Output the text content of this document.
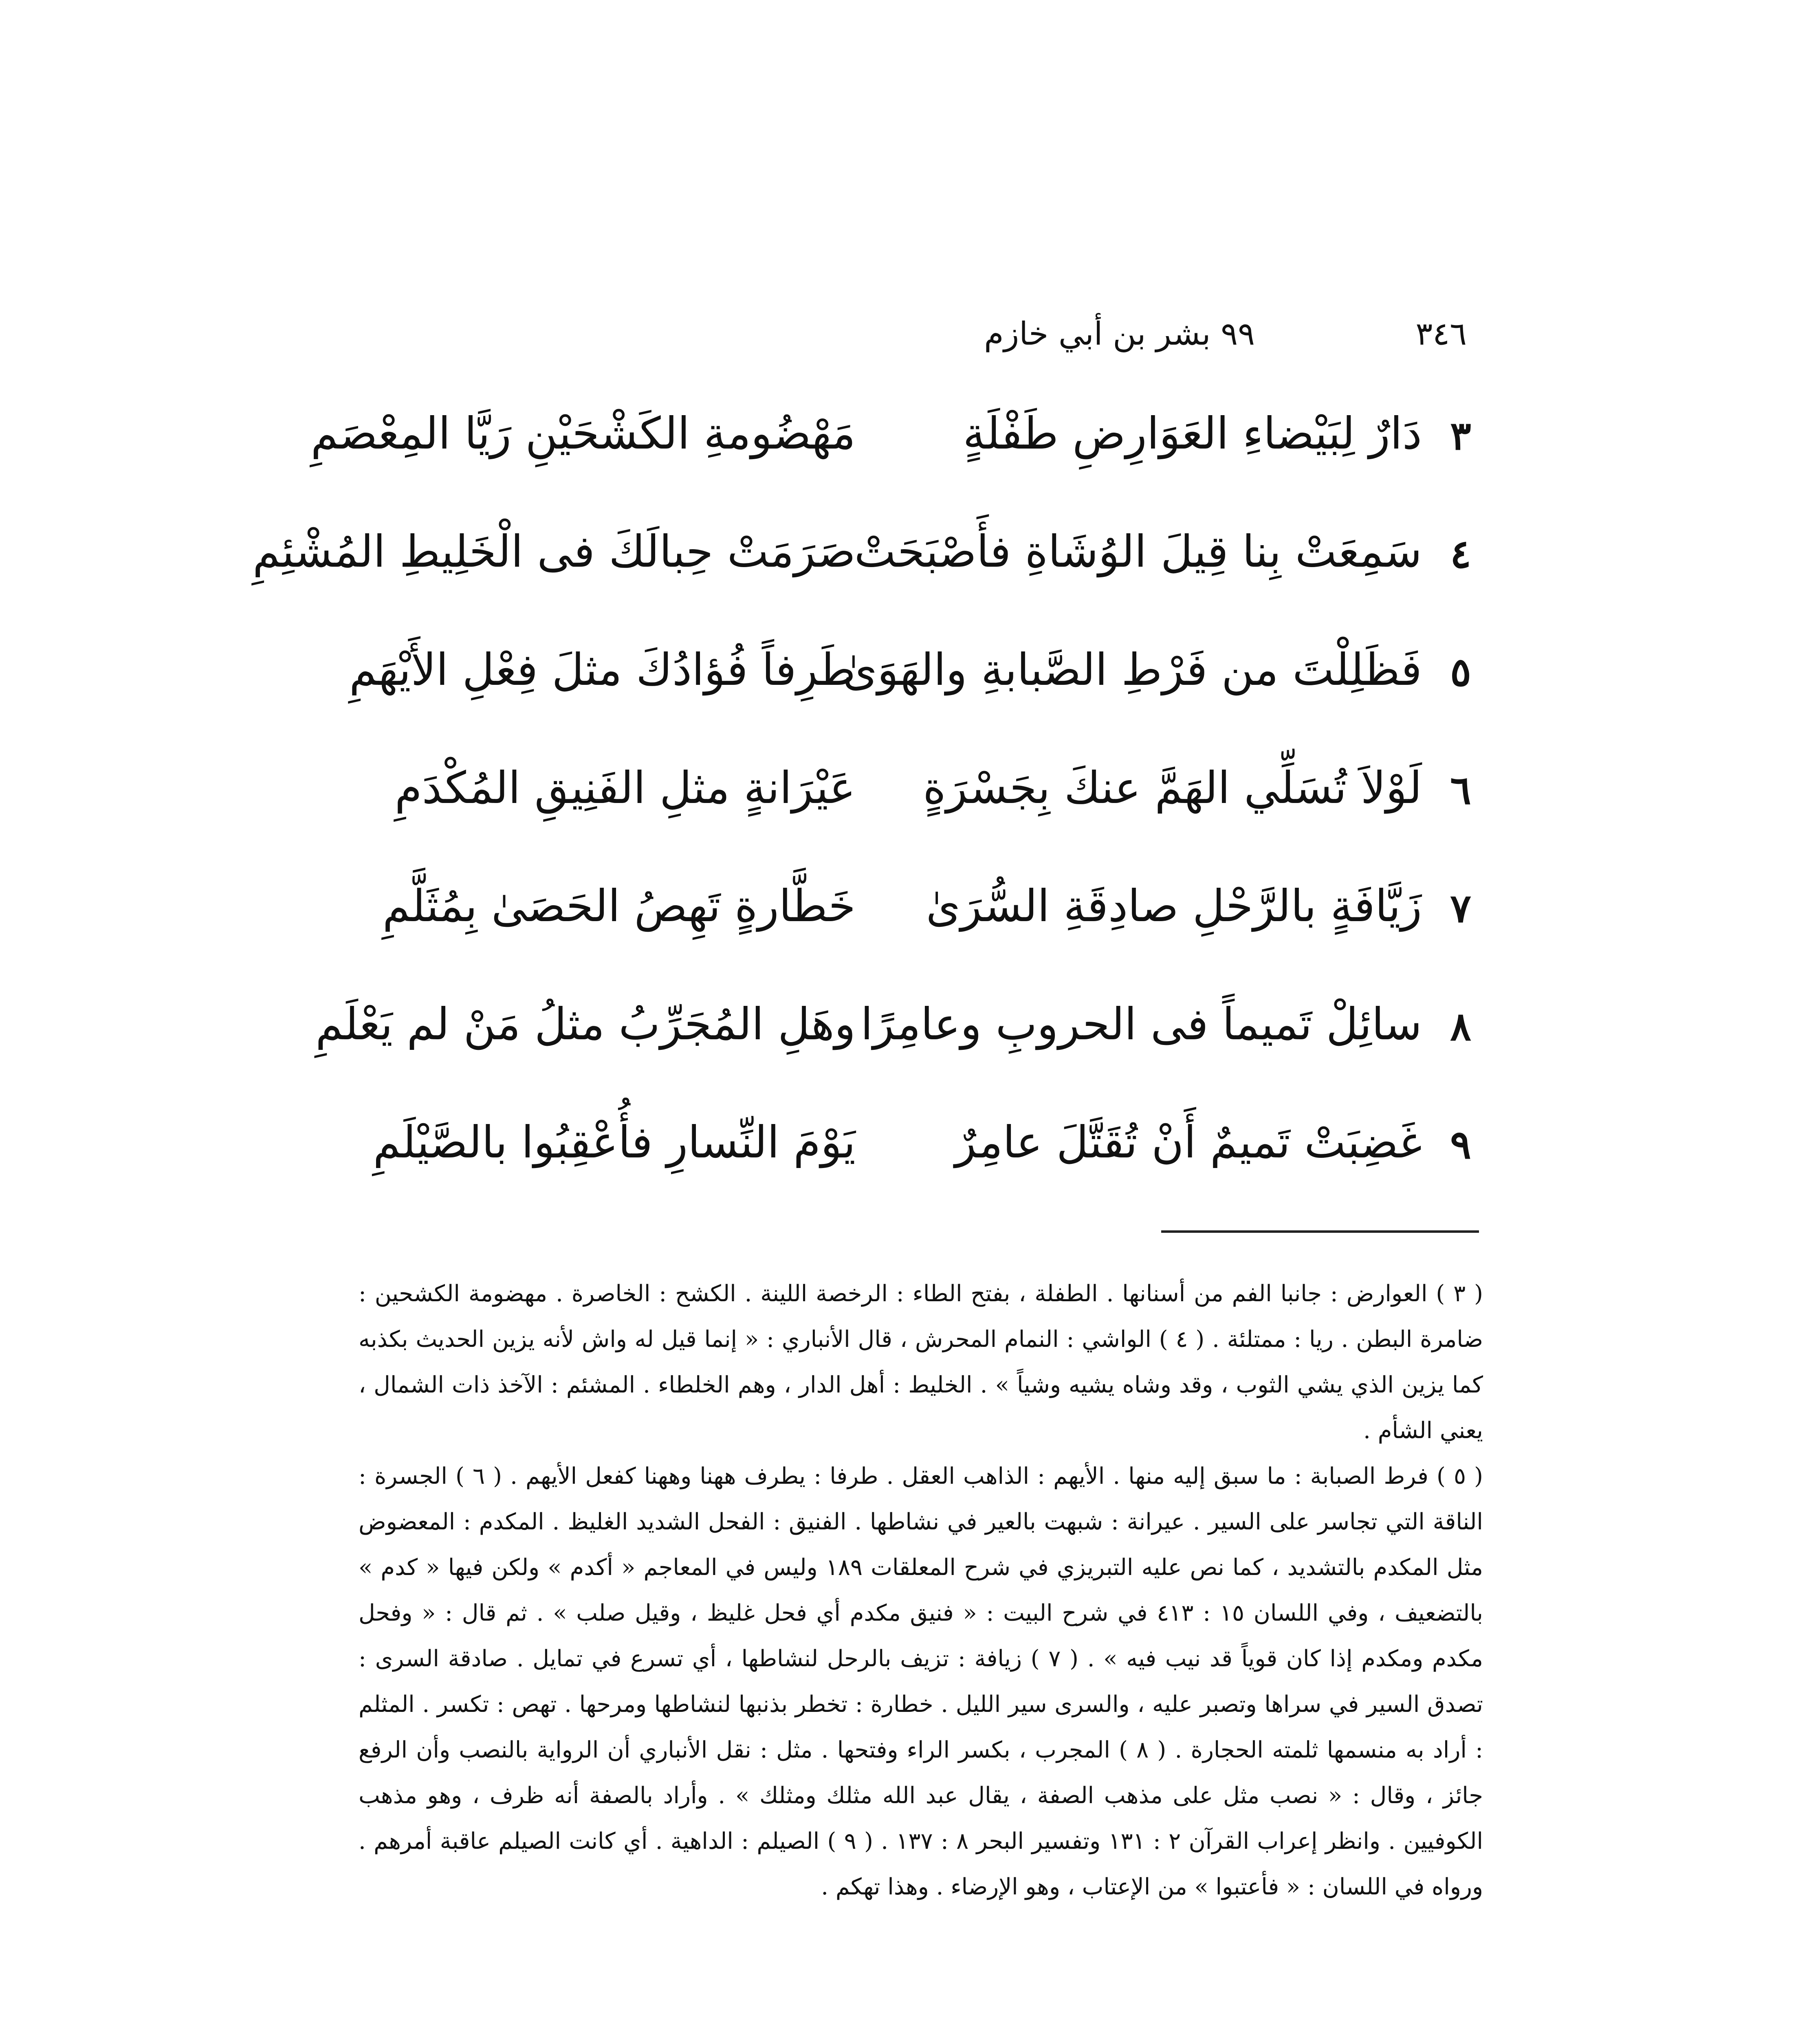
٣٤٦
٩٩ بشر بن أبي خازم
٣
دَارٌ لِبَيْضاءِ العَوَارِضِ طَفْلَةٍ
مَهْضُومةِ الكَشْحَيْنِ رَيَّا المِعْصَمِ
٤
سَمِعَتْ بِنا قِيلَ الوُشَاةِ فأَصْبَحَتْ
صَرَمَتْ حِبالَكَ فى الْخَلِيطِ المُشْئِمِ
٥
فَظَلِلْتَ من فَرْطِ الصَّبابةِ والهَوَىٰ
طَرِفاً فُؤادُكَ مثلَ فِعْلِ الأَيْهَمِ
٦
لَوْلاَ تُسَلِّي الهَمَّ عنكَ بِجَسْرَةٍ
عَيْرَانةٍ مثلِ الفَنِيقِ المُكْدَمِ
٧
زَيَّافَةٍ بالرَّحْلِ صادِقَةِ السُّرَىٰ
خَطَّارةٍ تَهِصُ الحَصَىٰ بِمُثَلَّمِ
٨
سائِلْ تَميماً فى الحروبِ وعامِرًا
وهَلِ المُجَرِّبُ مثلُ مَنْ لم يَعْلَمِ
٩
غَضِبَتْ تَميمٌ أَنْ تُقَتَّلَ عامِرٌ
يَوْمَ النِّسارِ فأُعْقِبُوا بالصَّيْلَمِ

( ٣ ) العوارض : جانبا الفم من أسنانها . الطفلة ، بفتح الطاء : الرخصة اللينة . الكشح : الخاصرة . مهضومة الكشحين : ضامرة البطن . ريا : ممتلئة . ( ٤ ) الواشي : النمام المحرش ، قال الأنباري : « إنما قيل له واش لأنه يزين الحديث بكذبه كما يزين الذي يشي الثوب ، وقد وشاه يشيه وشياً » . الخليط : أهل الدار ، وهم الخلطاء . المشئم : الآخذ ذات الشمال ، يعني الشأم .

( ٥ ) فرط الصبابة : ما سبق إليه منها . الأيهم : الذاهب العقل . طرفا : يطرف ههنا وههنا كفعل الأيهم . ( ٦ ) الجسرة : الناقة التي تجاسر على السير . عيرانة : شبهت بالعير في نشاطها . الفنيق : الفحل الشديد الغليظ . المكدم : المعضوض مثل المكدم بالتشديد ، كما نص عليه التبريزي في شرح المعلقات ١٨٩ وليس في المعاجم « أكدم » ولكن فيها « كدم » بالتضعيف ، وفي اللسان ١٥ : ٤١٣ في شرح البيت : « فنيق مكدم أي فحل غليظ ، وقيل صلب » . ثم قال : « وفحل مكدم ومكدم إذا كان قوياً قد نيب فيه » . ( ٧ ) زيافة : تزيف بالرحل لنشاطها ، أي تسرع في تمايل . صادقة السرى : تصدق السير في سراها وتصبر عليه ، والسرى سير الليل . خطارة : تخطر بذنبها لنشاطها ومرحها . تهص : تكسر . المثلم : أراد به منسمها ثلمته الحجارة . ( ٨ ) المجرب ، بكسر الراء وفتحها . مثل : نقل الأنباري أن الرواية بالنصب وأن الرفع جائز ، وقال : « نصب مثل على مذهب الصفة ، يقال عبد الله مثلك ومثلك » . وأراد بالصفة أنه ظرف ، وهو مذهب الكوفيين . وانظر إعراب القرآن ٢ : ١٣١ وتفسير البحر ٨ : ١٣٧ . ( ٩ ) الصيلم : الداهية . أي كانت الصيلم عاقبة أمرهم . ورواه في اللسان : « فأعتبوا » من الإعتاب ، وهو الإرضاء . وهذا تهكم .
